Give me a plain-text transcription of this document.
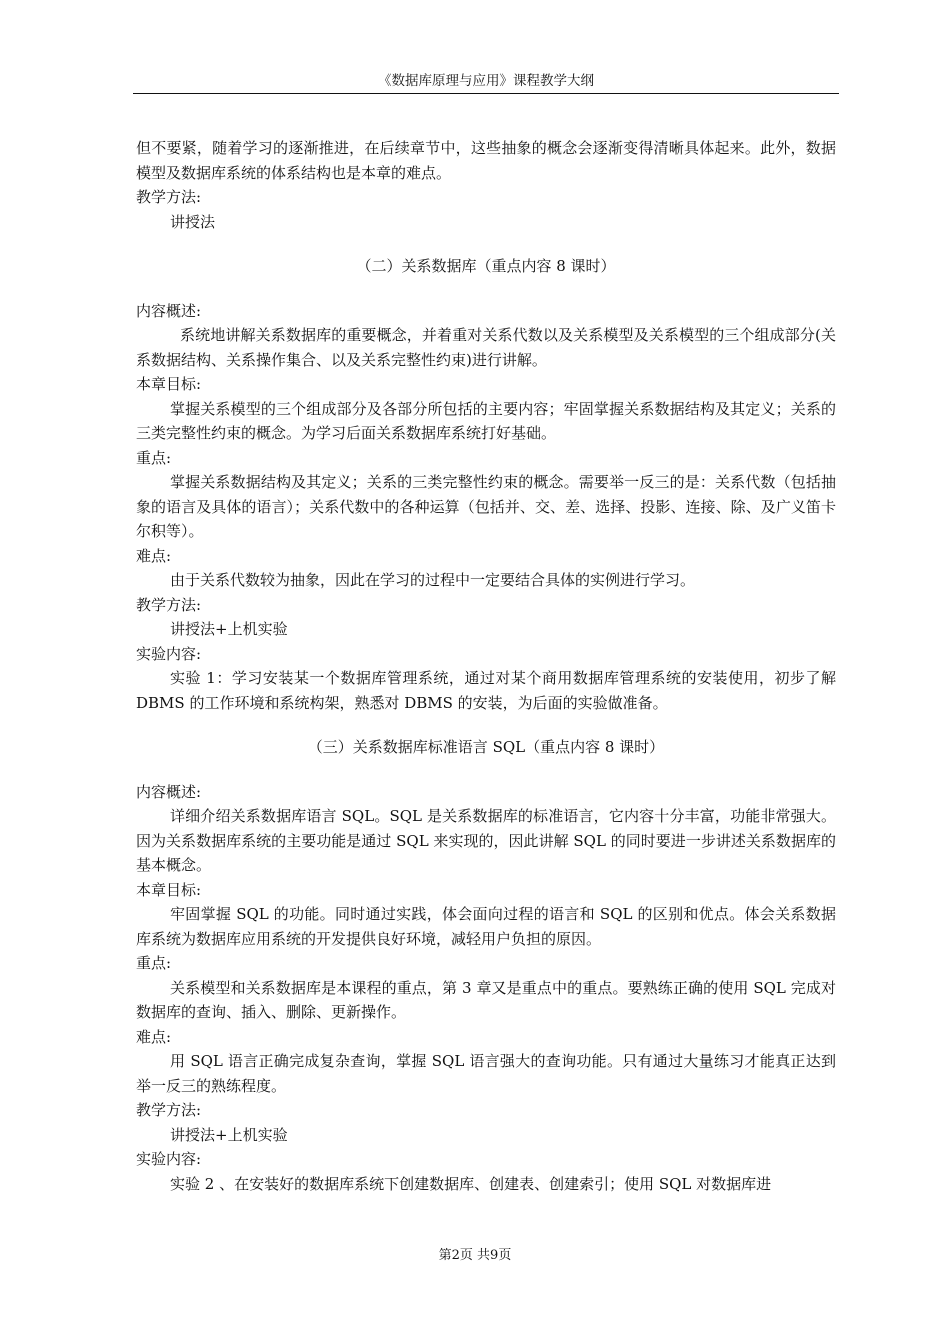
《数据库原理与应用》课程教学大纲

但不要紧，随着学习的逐渐推进，在后续章节中，这些抽象的概念会逐渐变得清晰具体起来。此外，数据模型及数据库系统的体系结构也是本章的难点。

教学方法:

讲授法

（二）关系数据库（重点内容 8 课时）

内容概述:

系统地讲解关系数据库的重要概念，并着重对关系代数以及关系模型及关系模型的三个组成部分(关系数据结构、关系操作集合、以及关系完整性约束)进行讲解。

本章目标:

掌握关系模型的三个组成部分及各部分所包括的主要内容；牢固掌握关系数据结构及其定义；关系的三类完整性约束的概念。为学习后面关系数据库系统打好基础。

重点:

掌握关系数据结构及其定义；关系的三类完整性约束的概念。需要举一反三的是：关系代数（包括抽象的语言及具体的语言）；关系代数中的各种运算（包括并、交、差、选择、投影、连接、除、及广义笛卡尔积等）。

难点:

由于关系代数较为抽象，因此在学习的过程中一定要结合具体的实例进行学习。

教学方法:

讲授法+上机实验

实验内容:

实验 1：学习安装某一个数据库管理系统，通过对某个商用数据库管理系统的安装使用，初步了解 DBMS 的工作环境和系统构架，熟悉对 DBMS 的安装，为后面的实验做准备。

（三）关系数据库标准语言 SQL（重点内容 8 课时）

内容概述:

详细介绍关系数据库语言 SQL。SQL 是关系数据库的标准语言，它内容十分丰富，功能非常强大。因为关系数据库系统的主要功能是通过 SQL 来实现的，因此讲解 SQL 的同时要进一步讲述关系数据库的基本概念。

本章目标:

牢固掌握 SQL 的功能。同时通过实践，体会面向过程的语言和 SQL 的区别和优点。体会关系数据库系统为数据库应用系统的开发提供良好环境，减轻用户负担的原因。

重点:

关系模型和关系数据库是本课程的重点，第 3 章又是重点中的重点。要熟练正确的使用 SQL 完成对数据库的查询、插入、删除、更新操作。

难点:

用 SQL 语言正确完成复杂查询，掌握 SQL 语言强大的查询功能。只有通过大量练习才能真正达到举一反三的熟练程度。

教学方法:

讲授法+上机实验

实验内容:

实验 2 、在安装好的数据库系统下创建数据库、创建表、创建索引；使用 SQL 对数据库进

第2页 共9页
